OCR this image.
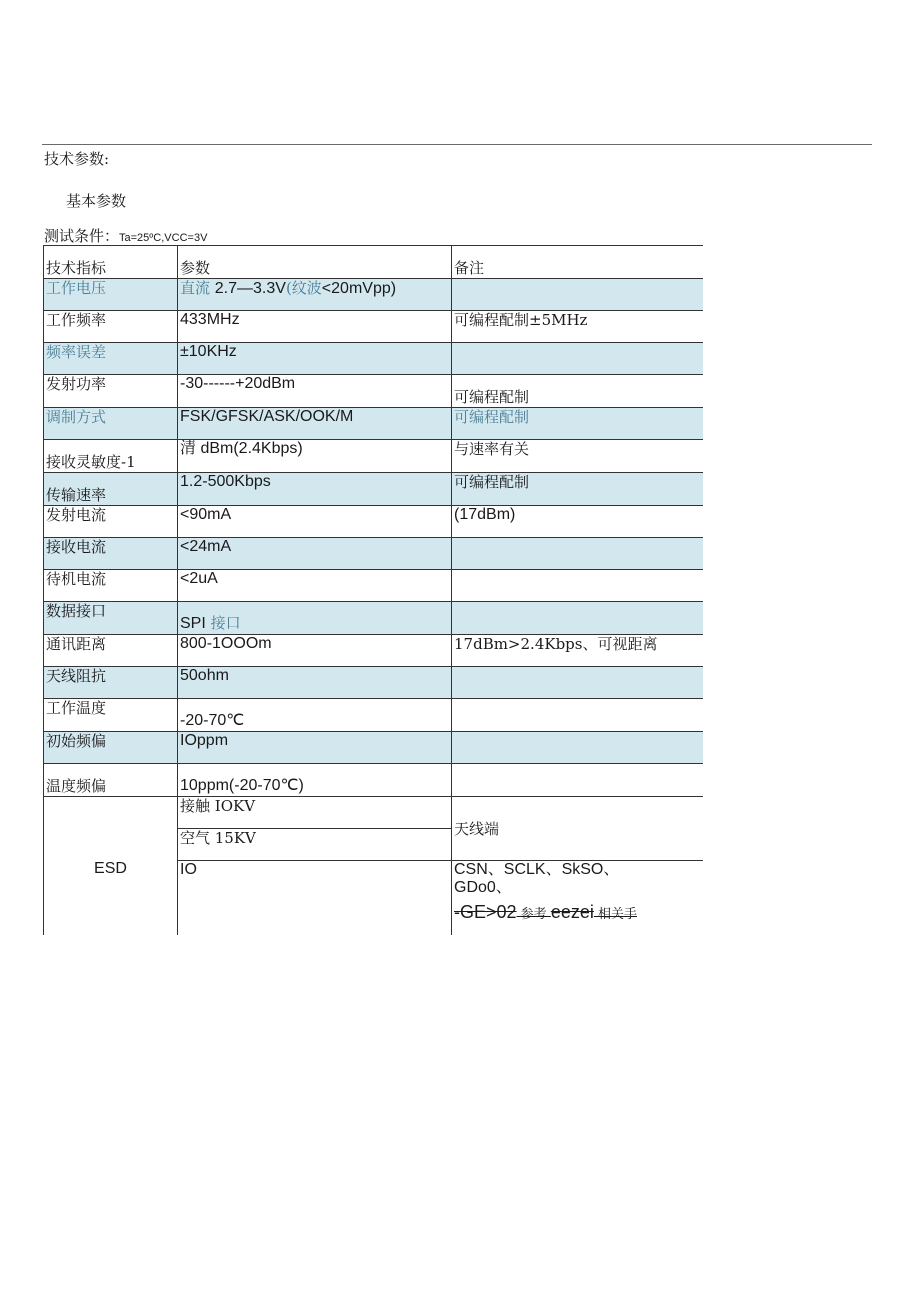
技术参数:
基本参数
测试条件：Ta=25ºC,VCC=3V
技术指标	参数	备注
工作电压	直流 2.7—3.3V(纹波<20mVpp)	
工作频率	433MHz	可编程配制±5MHz
频率误差	±10KHz	
发射功率	-30------+20dBm	可编程配制
调制方式	FSK/GFSK/ASK/OOK/M	可编程配制
接收灵敏度-1	清 dBm(2.4Kbps)	与速率有关
传输速率	1.2-500Kbps	可编程配制
发射电流	<90mA	(17dBm)
接收电流	<24mA	
待机电流	<2uA	
数据接口	SPI 接口	
通讯距离	800-1OOOm	17dBm>2.4Kbps、可视距离
天线阻抗	50ohm	
工作温度	-20-70℃	
初始频偏	IOppm	
温度频偏	10ppm(-20-70℃)	
ESD	接触 IOKV	天线端
	空气 15KV	
	IO	CSN、SCLK、SkSO、
GDo0、
-GE>02 参考 eezei 相关手
